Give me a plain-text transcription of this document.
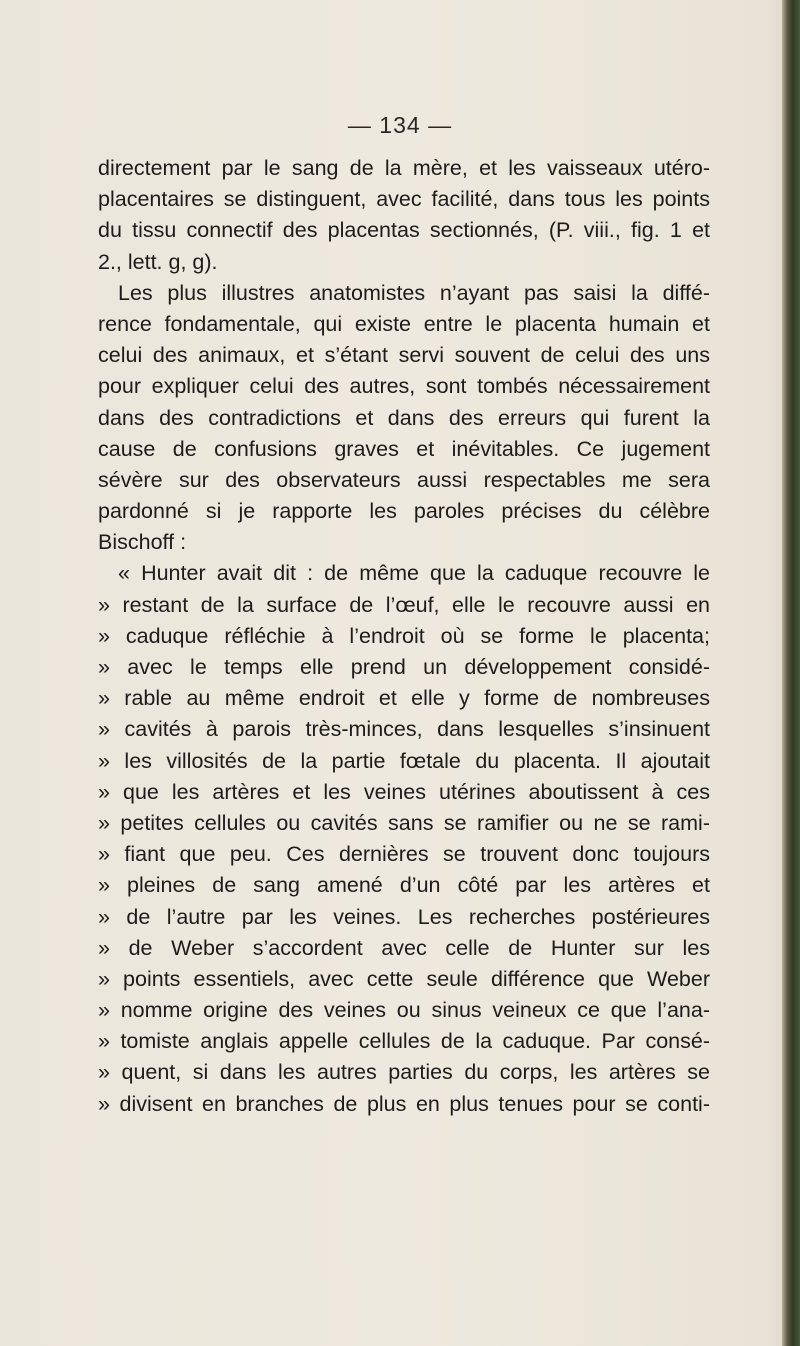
— 134 —
directement par le sang de la mère, et les vaisseaux utéro-
placentaires se distinguent, avec facilité, dans tous les points
du tissu connectif des placentas sectionnés, (P. viii., fig. 1 et
2., lett. g, g).
Les plus illustres anatomistes n’ayant pas saisi la diffé-
rence fondamentale, qui existe entre le placenta humain et
celui des animaux, et s’étant servi souvent de celui des uns
pour expliquer celui des autres, sont tombés nécessairement
dans des contradictions et dans des erreurs qui furent la
cause de confusions graves et inévitables. Ce jugement
sévère sur des observateurs aussi respectables me sera
pardonné si je rapporte les paroles précises du célèbre
Bischoff :
« Hunter avait dit : de même que la caduque recouvre le
» restant de la surface de l’œuf, elle le recouvre aussi en
» caduque réfléchie à l’endroit où se forme le placenta;
» avec le temps elle prend un développement considé-
» rable au même endroit et elle y forme de nombreuses
» cavités à parois très-minces, dans lesquelles s’insinuent
» les villosités de la partie fœtale du placenta. Il ajoutait
» que les artères et les veines utérines aboutissent à ces
» petites cellules ou cavités sans se ramifier ou ne se rami-
» fiant que peu. Ces dernières se trouvent donc toujours
» pleines de sang amené d’un côté par les artères et
» de l’autre par les veines. Les recherches postérieures
» de Weber s’accordent avec celle de Hunter sur les
» points essentiels, avec cette seule différence que Weber
» nomme origine des veines ou sinus veineux ce que l’ana-
» tomiste anglais appelle cellules de la caduque. Par consé-
» quent, si dans les autres parties du corps, les artères se
» divisent en branches de plus en plus tenues pour se conti-
